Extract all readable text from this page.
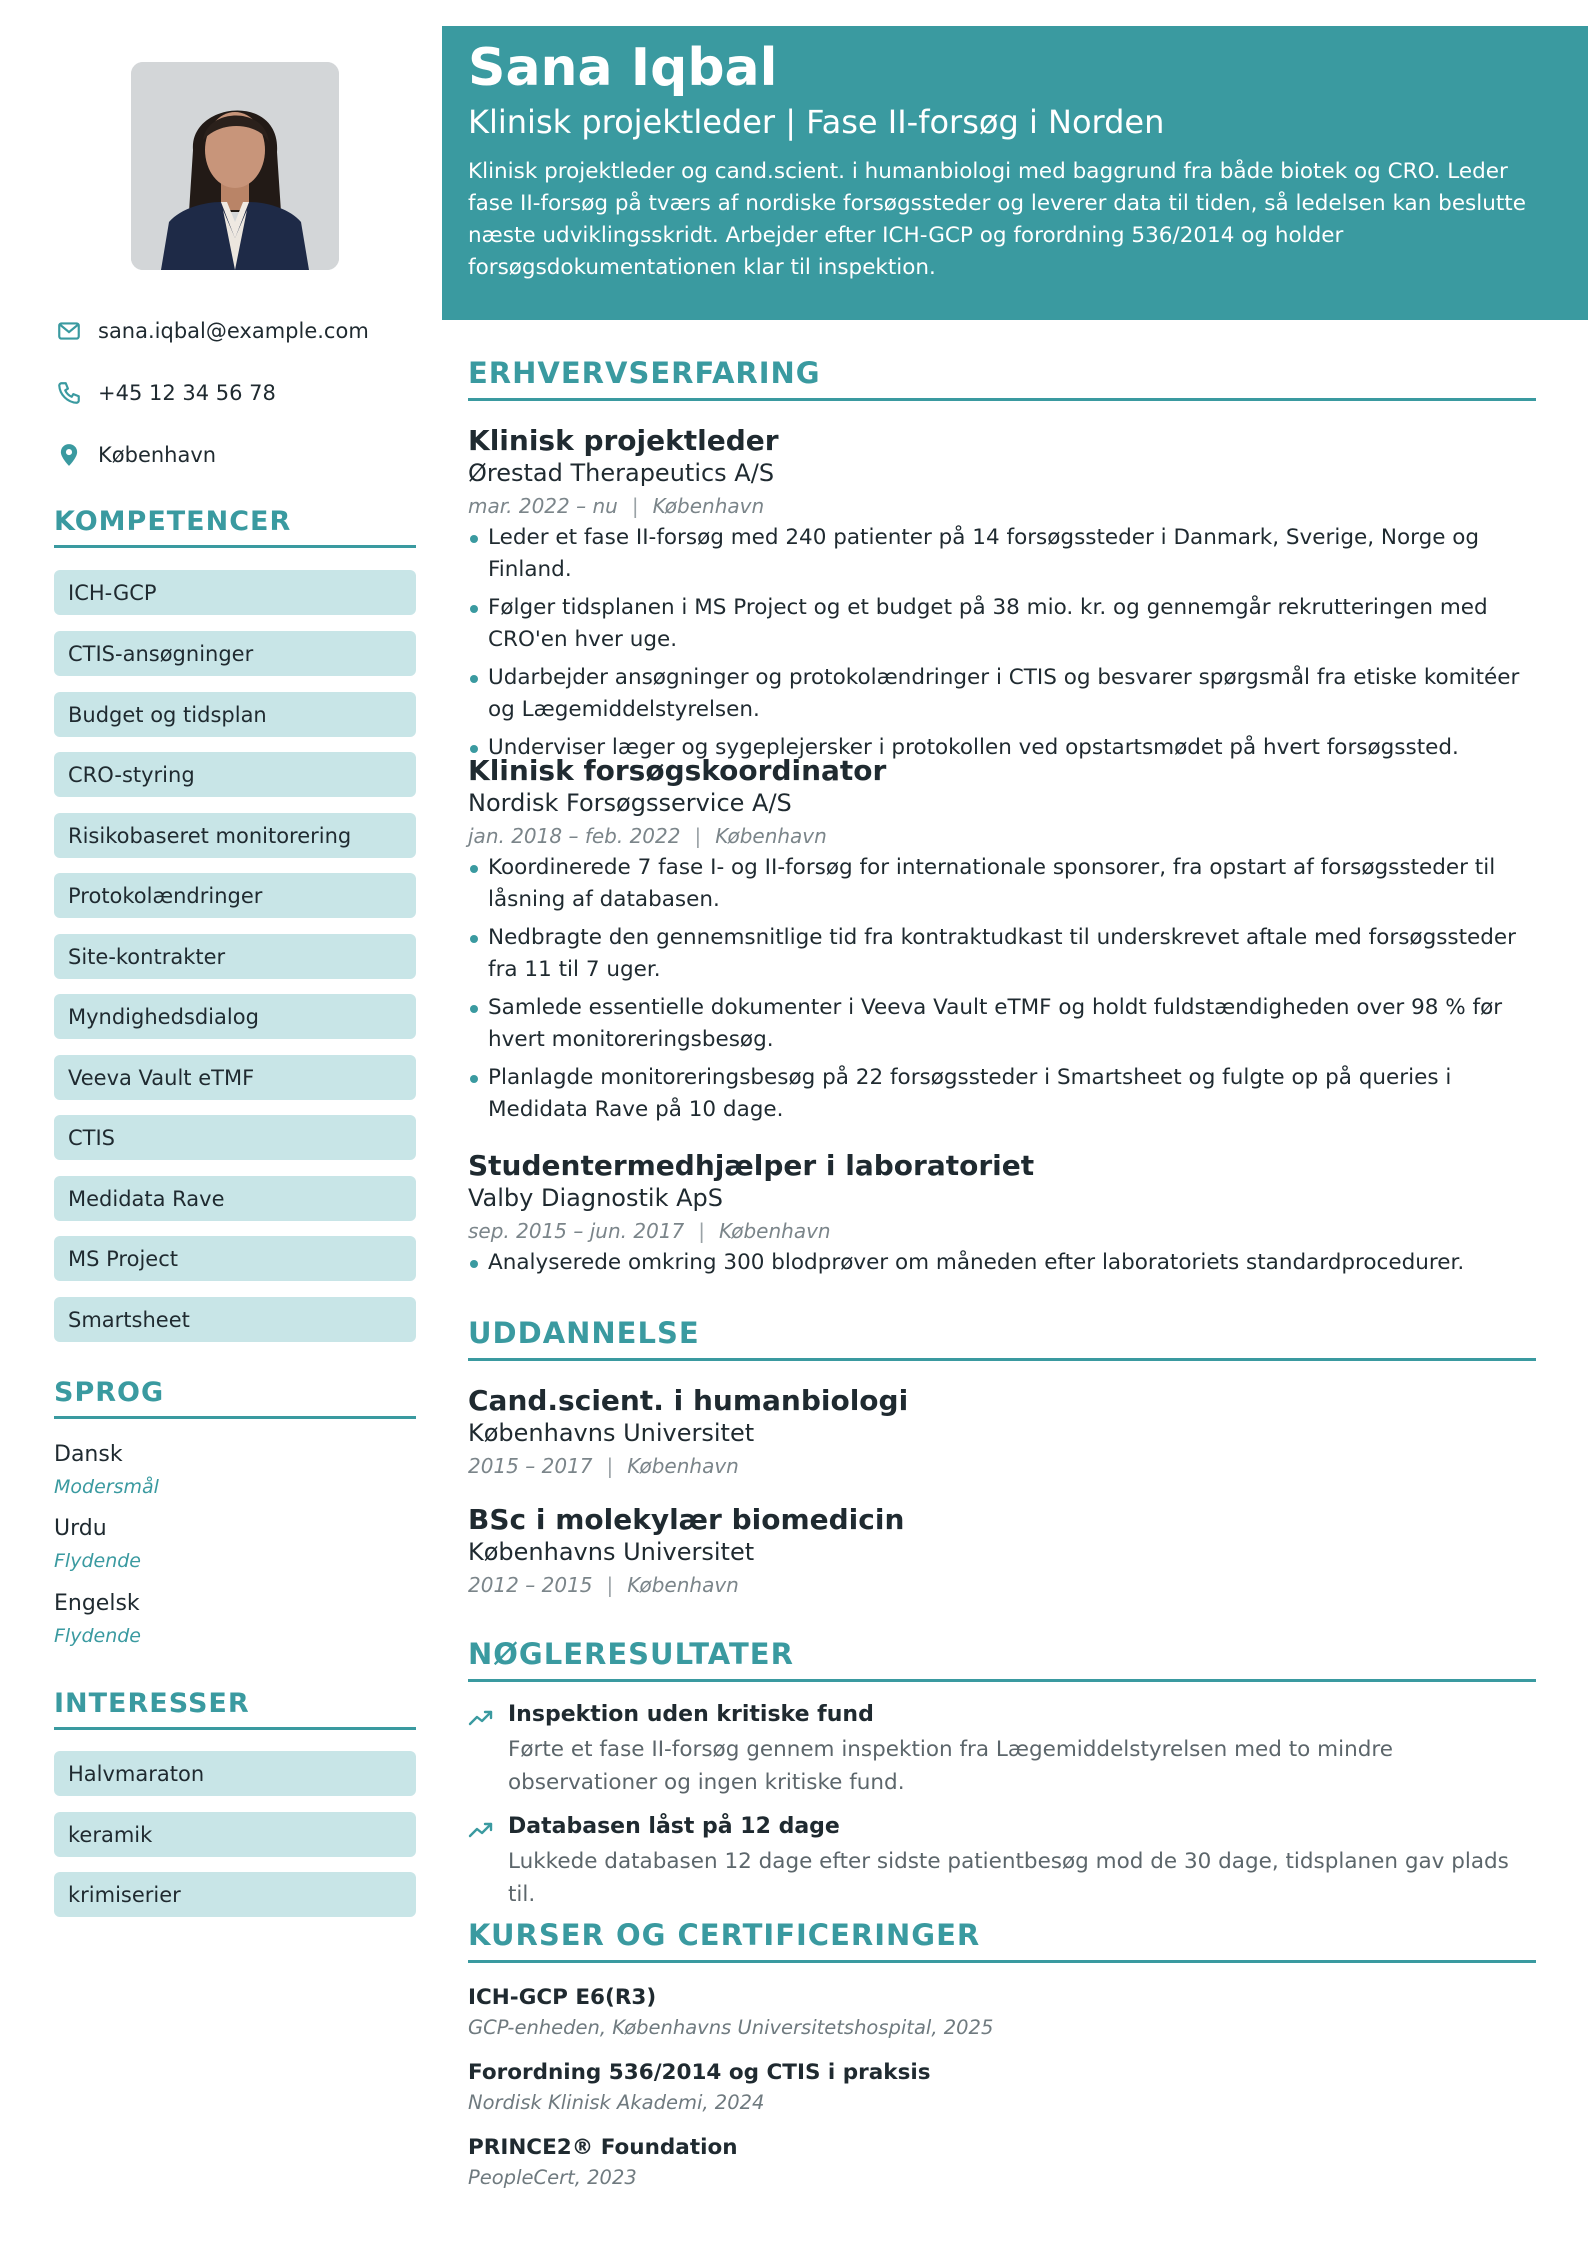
sana.iqbal@example.com
+45 12 34 56 78
København
KOMPETENCER
ICH-GCP
CTIS-ansøgninger
Budget og tidsplan
CRO-styring
Risikobaseret monitorering
Protokolændringer
Site-kontrakter
Myndighedsdialog
Veeva Vault eTMF
CTIS
Medidata Rave
MS Project
Smartsheet
SPROG
Dansk
Modersmål
Urdu
Flydende
Engelsk
Flydende
INTERESSER
Halvmaraton
keramik
krimiserier
Sana Iqbal
Klinisk projektleder | Fase II-forsøg i Norden
Klinisk projektleder og cand.scient. i humanbiologi med baggrund fra både biotek og CRO. Leder fase II-forsøg på tværs af nordiske forsøgssteder og leverer data til tiden, så ledelsen kan beslutte næste udviklingsskridt. Arbejder efter ICH-GCP og forordning 536/2014 og holder forsøgsdokumentationen klar til inspektion.
ERHVERVSERFARING
Klinisk projektleder
Ørestad Therapeutics A/S
mar. 2022 – nu | København
Leder et fase II-forsøg med 240 patienter på 14 forsøgssteder i Danmark, Sverige, Norge og Finland.
Følger tidsplanen i MS Project og et budget på 38 mio. kr. og gennemgår rekrutteringen med CRO'en hver uge.
Udarbejder ansøgninger og protokolændringer i CTIS og besvarer spørgsmål fra etiske komitéer og Lægemiddelstyrelsen.
Underviser læger og sygeplejersker i protokollen ved opstartsmødet på hvert forsøgssted.
Klinisk forsøgskoordinator
Nordisk Forsøgsservice A/S
jan. 2018 – feb. 2022 | København
Koordinerede 7 fase I- og II-forsøg for internationale sponsorer, fra opstart af forsøgssteder til låsning af databasen.
Nedbragte den gennemsnitlige tid fra kontraktudkast til underskrevet aftale med forsøgssteder fra 11 til 7 uger.
Samlede essentielle dokumenter i Veeva Vault eTMF og holdt fuldstændigheden over 98 % før hvert monitoreringsbesøg.
Planlagde monitoreringsbesøg på 22 forsøgssteder i Smartsheet og fulgte op på queries i Medidata Rave på 10 dage.
Studentermedhjælper i laboratoriet
Valby Diagnostik ApS
sep. 2015 – jun. 2017 | København
Analyserede omkring 300 blodprøver om måneden efter laboratoriets standardprocedurer.
UDDANNELSE
Cand.scient. i humanbiologi
Københavns Universitet
2015 – 2017 | København
BSc i molekylær biomedicin
Københavns Universitet
2012 – 2015 | København
NØGLERESULTATER
Inspektion uden kritiske fund
Førte et fase II-forsøg gennem inspektion fra Lægemiddelstyrelsen med to mindre observationer og ingen kritiske fund.
Databasen låst på 12 dage
Lukkede databasen 12 dage efter sidste patientbesøg mod de 30 dage, tidsplanen gav plads til.
KURSER OG CERTIFICERINGER
ICH-GCP E6(R3)
GCP-enheden, Københavns Universitetshospital, 2025
Forordning 536/2014 og CTIS i praksis
Nordisk Klinisk Akademi, 2024
PRINCE2® Foundation
PeopleCert, 2023
